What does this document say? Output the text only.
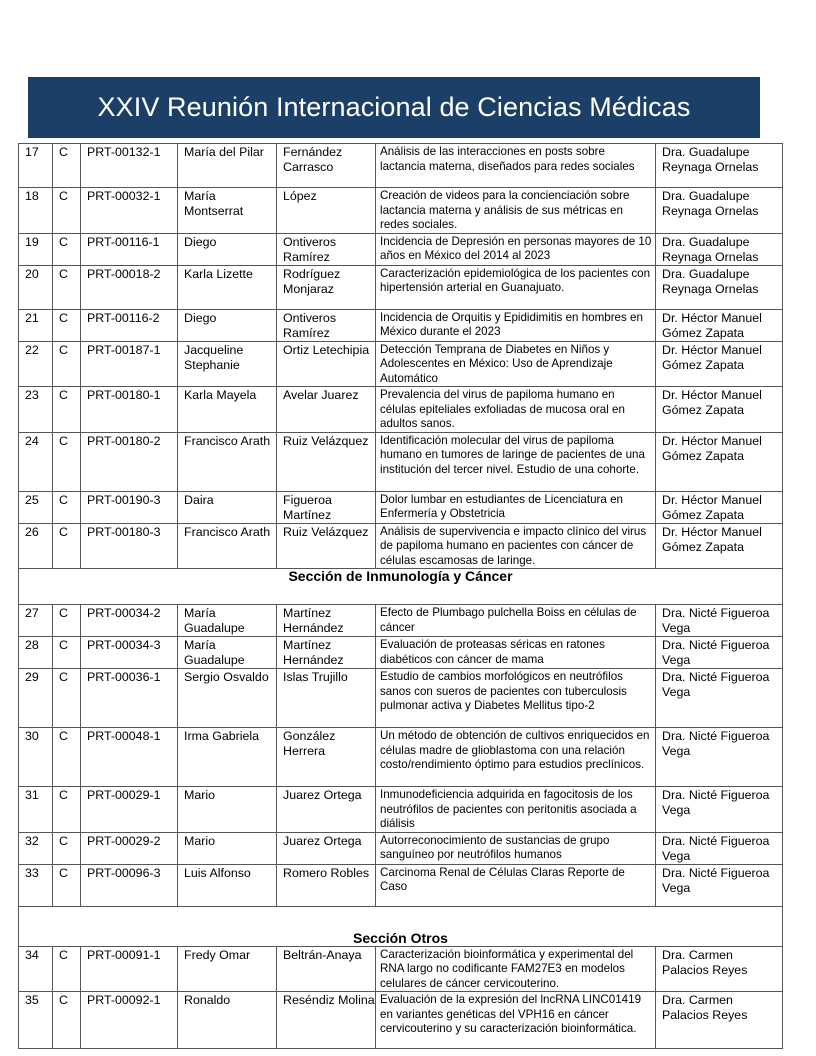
XXIV Reunión Internacional de Ciencias Médicas
17	C	PRT-00132-1	María del Pilar	Fernández Carrasco	Análisis de las interacciones en posts sobre lactancia materna, diseñados para redes sociales	Dra. Guadalupe Reynaga Ornelas
18	C	PRT-00032-1	María Montserrat	López	Creación de videos para la concienciación sobre lactancia materna y análisis de sus métricas en redes sociales.	Dra. Guadalupe Reynaga Ornelas
19	C	PRT-00116-1	Diego	Ontiveros Ramírez	Incidencia de Depresión en personas mayores de 10 años en México del 2014 al 2023	Dra. Guadalupe Reynaga Ornelas
20	C	PRT-00018-2	Karla Lizette	Rodríguez Monjaraz	Caracterización epidemiológica de los pacientes con hipertensión arterial en Guanajuato.	Dra. Guadalupe Reynaga Ornelas
21	C	PRT-00116-2	Diego	Ontiveros Ramírez	Incidencia de Orquitis y Epididimitis en hombres en México durante el 2023	Dr. Héctor Manuel Gómez Zapata
22	C	PRT-00187-1	Jacqueline Stephanie	Ortiz Letechipia	Detección Temprana de Diabetes en Niños y Adolescentes en México: Uso de Aprendizaje Automático	Dr. Héctor Manuel Gómez Zapata
23	C	PRT-00180-1	Karla Mayela	Avelar Juarez	Prevalencia del virus de papiloma humano en células epiteliales exfoliadas de mucosa oral en adultos sanos.	Dr. Héctor Manuel Gómez Zapata
24	C	PRT-00180-2	Francisco Arath	Ruiz Velázquez	Identificación molecular del virus de papiloma humano en tumores de laringe de pacientes de una institución del tercer nivel. Estudio de una cohorte.	Dr. Héctor Manuel Gómez Zapata
25	C	PRT-00190-3	Daira	Figueroa Martínez	Dolor lumbar en estudiantes de Licenciatura en Enfermería y Obstetricia	Dr. Héctor Manuel Gómez Zapata
26	C	PRT-00180-3	Francisco Arath	Ruiz Velázquez	Análisis de supervivencia e impacto clínico del virus de papiloma humano en pacientes con cáncer de células escamosas de laringe.	Dr. Héctor Manuel Gómez Zapata
Sección de Inmunología y Cáncer						
27	C	PRT-00034-2	María Guadalupe	Martínez Hernández	Efecto de Plumbago pulchella Boiss en células de cáncer	Dra. Nicté Figueroa Vega
28	C	PRT-00034-3	María Guadalupe	Martínez Hernández	Evaluación de proteasas séricas en ratones diabéticos con cáncer de mama	Dra. Nicté Figueroa Vega
29	C	PRT-00036-1	Sergio Osvaldo	Islas Trujillo	Estudio de cambios morfológicos en neutrófilos sanos con sueros de pacientes con tuberculosis pulmonar activa y Diabetes Mellitus tipo-2	Dra. Nicté Figueroa Vega
30	C	PRT-00048-1	Irma Gabriela	González Herrera	Un método de obtención de cultivos enriquecidos en células madre de glioblastoma con una relación costo/rendimiento óptimo para estudios preclínicos.	Dra. Nicté Figueroa Vega
31	C	PRT-00029-1	Mario	Juarez Ortega	Inmunodeficiencia adquirida en fagocitosis de los neutrófilos de pacientes con peritonitis asociada a diálisis	Dra. Nicté Figueroa Vega
32	C	PRT-00029-2	Mario	Juarez Ortega	Autorreconocimiento de sustancias de grupo sanguíneo por neutrófilos humanos	Dra. Nicté Figueroa Vega
33	C	PRT-00096-3	Luis Alfonso	Romero Robles	Carcinoma Renal de Células Claras Reporte de Caso	Dra. Nicté Figueroa Vega
Sección Otros						
34	C	PRT-00091-1	Fredy Omar	Beltrán-Anaya	Caracterización bioinformática y experimental del RNA largo no codificante FAM27E3 en modelos celulares de cáncer cervicouterino.	Dra. Carmen Palacios Reyes
35	C	PRT-00092-1	Ronaldo	Reséndiz Molina	Evaluación de la expresión del lncRNA LINC01419 en variantes genéticas del VPH16 en cáncer cervicouterino y su caracterización bioinformática.	Dra. Carmen Palacios Reyes
